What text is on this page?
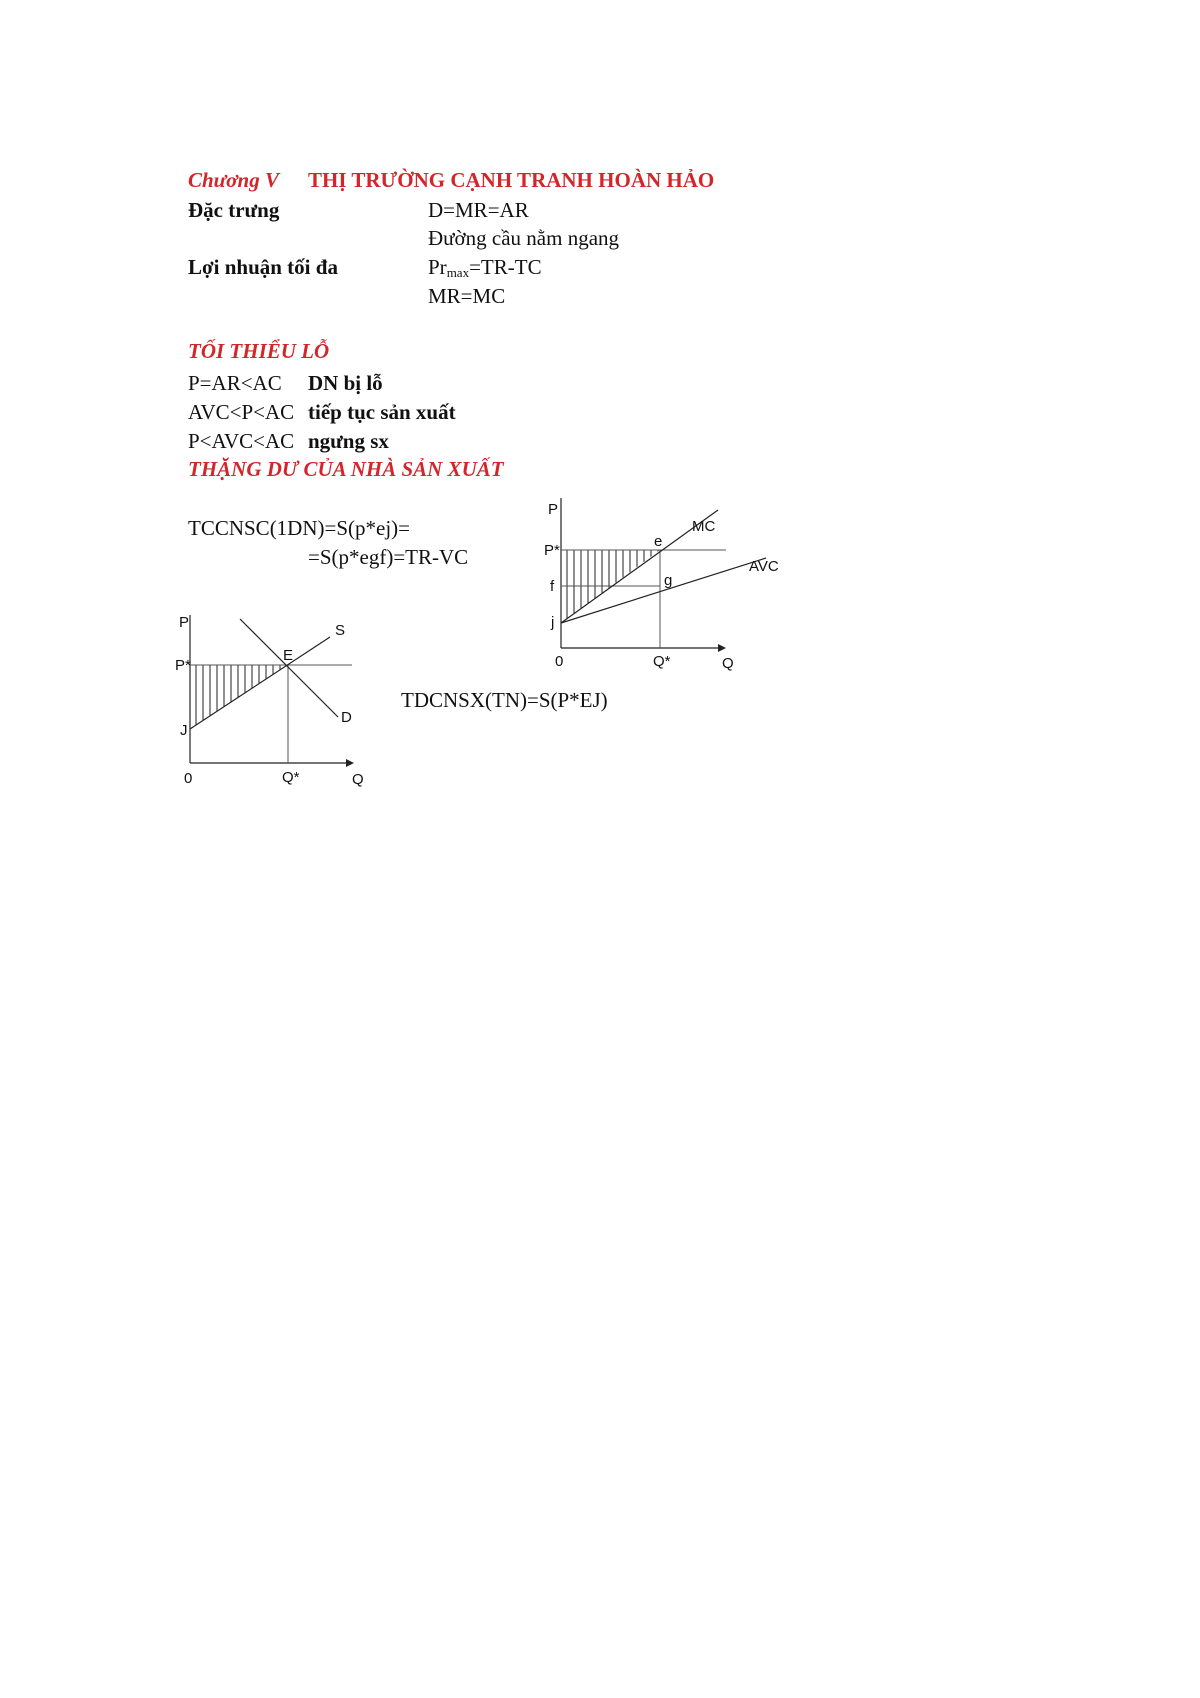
Chương V THỊ TRƯỜNG CẠNH TRANH HOÀN HẢO
Đặc trưng	D=MR=AR
Đường cầu nằm ngang
Lợi nhuận tối đa	$Pr_{max}=TR-TC$
MR=MC
TỐI THIỂU LỖ
P=AR<AC DN bị lỗ
AVC<P<AC tiếp tục sản xuất
P<AVC<AC ngưng sx
THẶNG DƯ CỦA NHÀ SẢN XUẤT
TCCNSC(1DN)=S(p*ej)=
=S(p*egf)=TR-VC
TDCNSX(TN)=S(P*EJ)
P
P*
J
0	Q*	Q
E
S
D
P
P*
f
j
0	Q*	Q
e
g
MC
AVC
